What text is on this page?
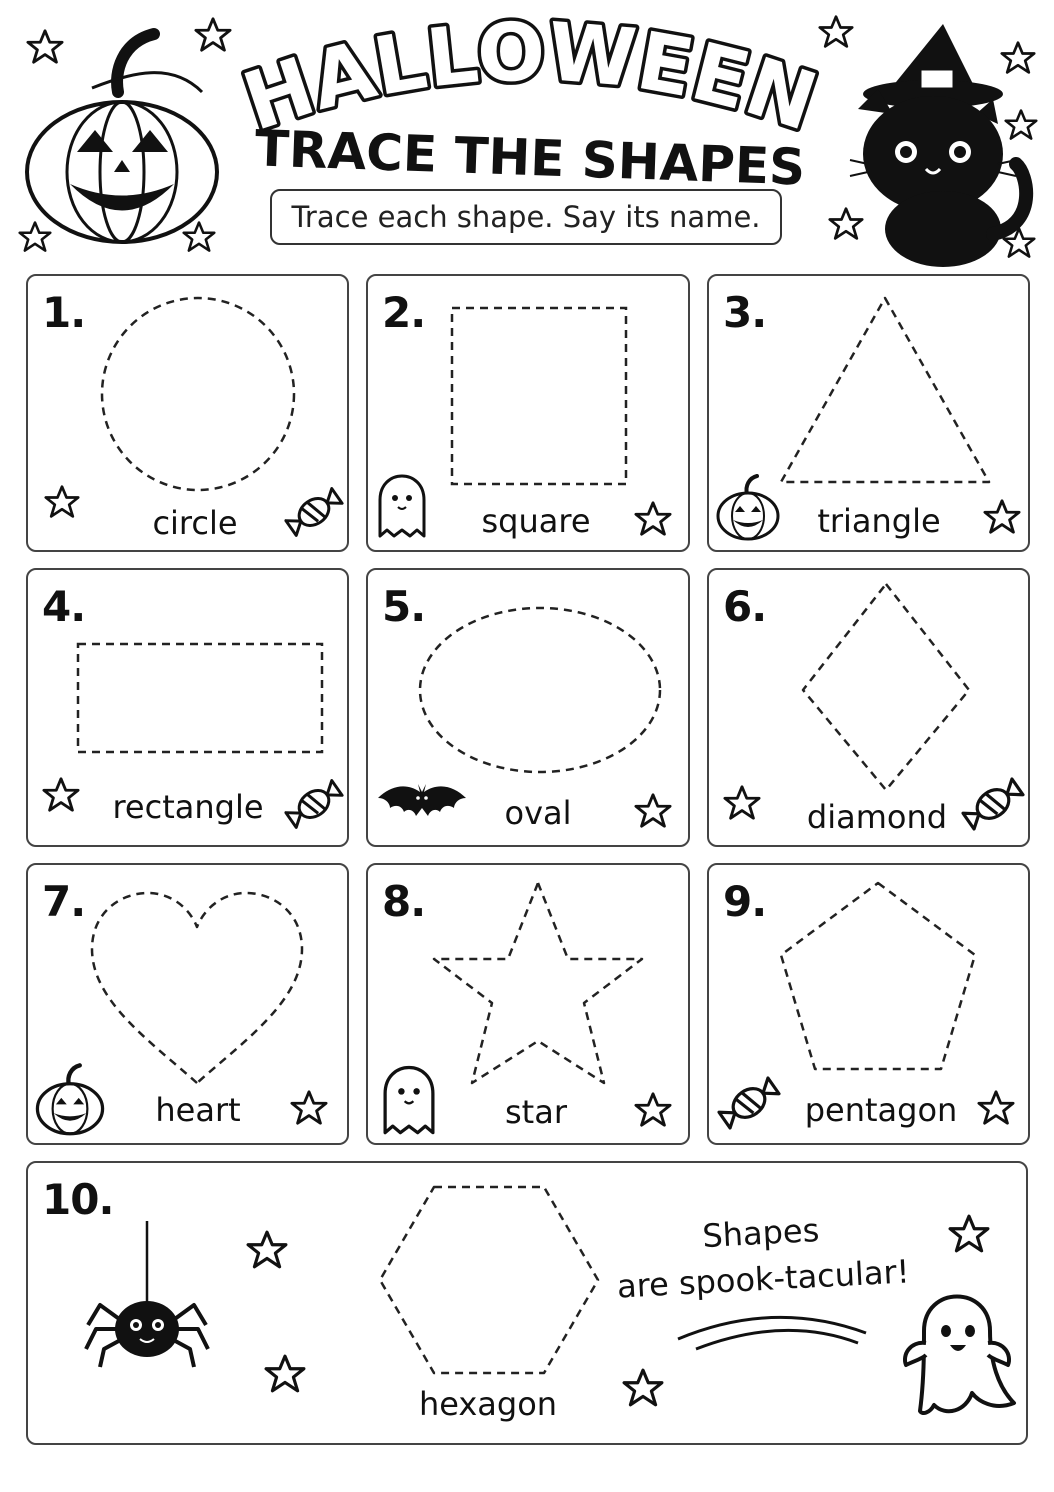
HALLOWEEN
TRACE THE SHAPES
Trace each shape. Say its name.
1.
circle
2.
square
3.
triangle
4.
rectangle
5.
oval
6.
diamond
7.
heart
8.
star
9.
pentagon
10.
hexagon
Shapes
are spook-tacular!
